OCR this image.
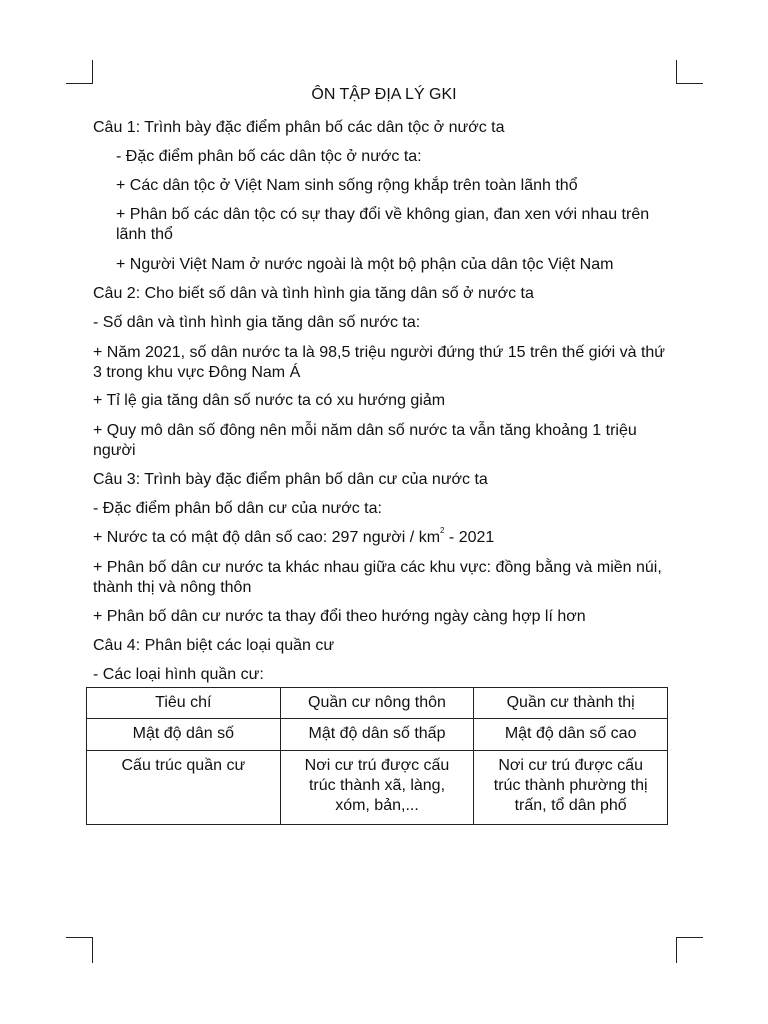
ÔN TẬP ĐỊA LÝ GKI
Câu 1: Trình bày đặc điểm phân bố các dân tộc ở nước ta
- Đặc điểm phân bố các dân tộc ở nước ta:
+ Các dân tộc ở Việt Nam sinh sống rộng khắp trên toàn lãnh thổ
+ Phân bố các dân tộc có sự thay đổi về không gian, đan xen với nhau trên lãnh thổ
+ Người Việt Nam ở nước ngoài là một bộ phận của dân tộc Việt Nam
Câu 2: Cho biết số dân và tình hình gia tăng dân số ở nước ta
- Số dân và tình hình gia tăng dân số nước ta:
+ Năm 2021, số dân nước ta là 98,5 triệu người đứng thứ 15 trên thế giới và thứ 3 trong khu vực Đông Nam Á
+ Tỉ lệ gia tăng dân số nước ta có xu hướng giảm
+ Quy mô dân số đông nên mỗi năm dân số nước ta vẫn tăng khoảng 1 triệu người
Câu 3: Trình bày đặc điểm phân bố dân cư của nước ta
- Đặc điểm phân bố dân cư của nước ta:
+ Nước ta có mật độ dân số cao: 297 người / $km^2 - 2021$
+ Phân bố dân cư nước ta khác nhau giữa các khu vực: đồng bằng và miền núi, thành thị và nông thôn
+ Phân bố dân cư nước ta thay đổi theo hướng ngày càng hợp lí hơn
Câu 4: Phân biệt các loại quần cư
- Các loại hình quần cư:
Tiêu chí	Quần cư nông thôn	Quần cư thành thị
Mật độ dân số	Mật độ dân số thấp	Mật độ dân số cao
Cấu trúc quần cư	Nơi cư trú được cấu trúc thành xã, làng, xóm, bản,...	Nơi cư trú được cấu trúc thành phường thị trấn, tổ dân phố
